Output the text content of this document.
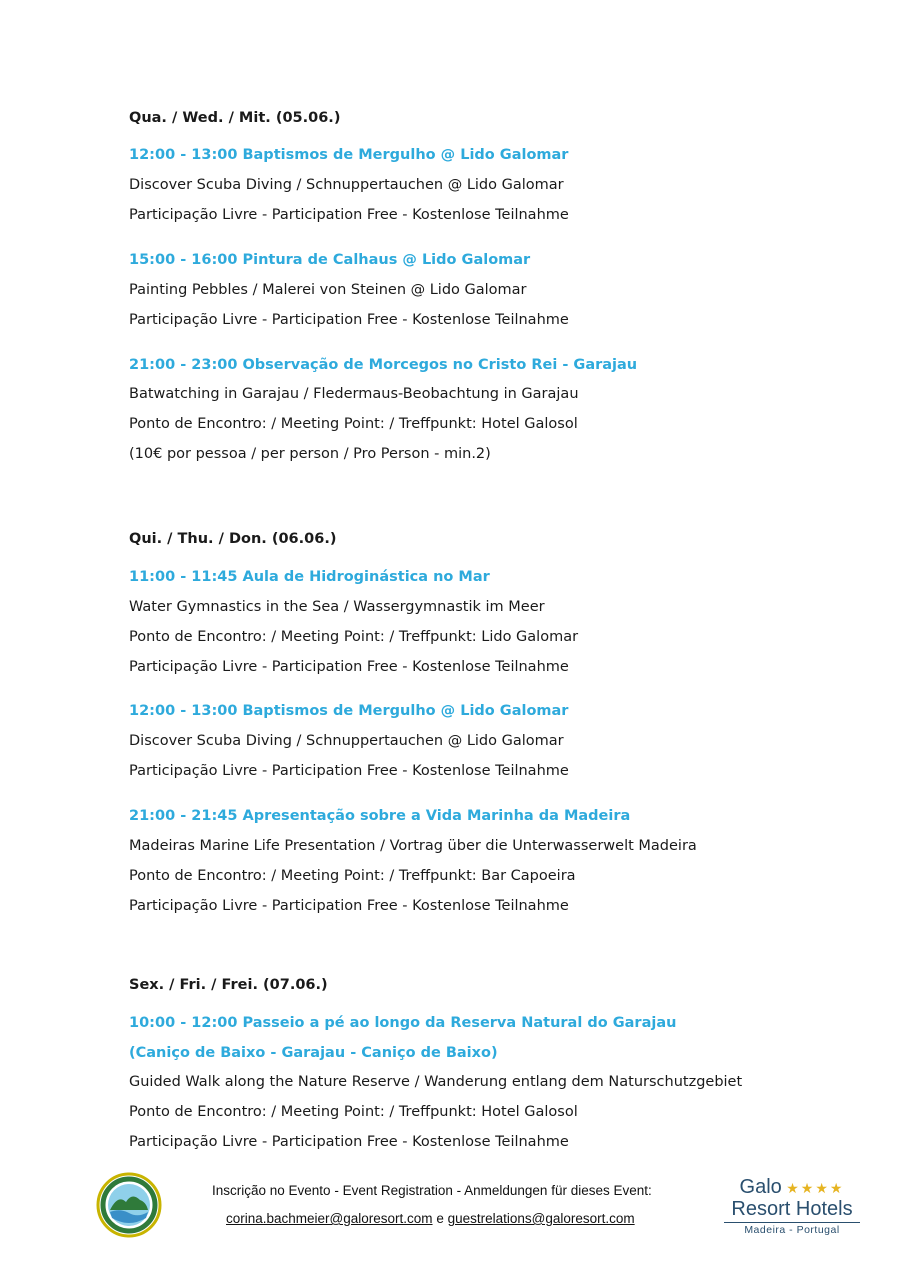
Qua. / Wed. / Mit. (05.06.)
12:00 - 13:00 Baptismos de Mergulho @ Lido Galomar
Discover Scuba Diving / Schnuppertauchen @ Lido Galomar
Participação Livre - Participation Free - Kostenlose Teilnahme
15:00 - 16:00 Pintura de Calhaus @ Lido Galomar
Painting Pebbles / Malerei von Steinen @ Lido Galomar
Participação Livre - Participation Free - Kostenlose Teilnahme
21:00 - 23:00 Observação de Morcegos no Cristo Rei - Garajau
Batwatching in Garajau / Fledermaus-Beobachtung in Garajau
Ponto de Encontro: / Meeting Point: / Treffpunkt: Hotel Galosol
(10€ por pessoa / per person / Pro Person - min.2)
Qui. / Thu. / Don. (06.06.)
11:00 - 11:45 Aula de Hidroginástica no Mar
Water Gymnastics in the Sea / Wassergymnastik im Meer
Ponto de Encontro: / Meeting Point: / Treffpunkt: Lido Galomar
Participação Livre - Participation Free - Kostenlose Teilnahme
12:00 - 13:00 Baptismos de Mergulho @ Lido Galomar
Discover Scuba Diving / Schnuppertauchen @ Lido Galomar
Participação Livre - Participation Free - Kostenlose Teilnahme
21:00 - 21:45 Apresentação sobre a Vida Marinha da Madeira
Madeiras Marine Life Presentation / Vortrag über die Unterwasserwelt Madeira
Ponto de Encontro: / Meeting Point: / Treffpunkt: Bar Capoeira
Participação Livre - Participation Free - Kostenlose Teilnahme
Sex. / Fri. / Frei. (07.06.)
10:00 - 12:00 Passeio a pé ao longo da Reserva Natural do Garajau
(Caniço de Baixo - Garajau - Caniço de Baixo)
Guided Walk along the Nature Reserve / Wanderung entlang dem Naturschutzgebiet
Ponto de Encontro: / Meeting Point: / Treffpunkt: Hotel Galosol
Participação Livre - Participation Free - Kostenlose Teilnahme
Inscrição no Evento - Event Registration - Anmeldungen für dieses Event:
corina.bachmeier@galoresort.com e guestrelations@galoresort.com
Galo ★★★★
Resort Hotels
Madeira - Portugal
